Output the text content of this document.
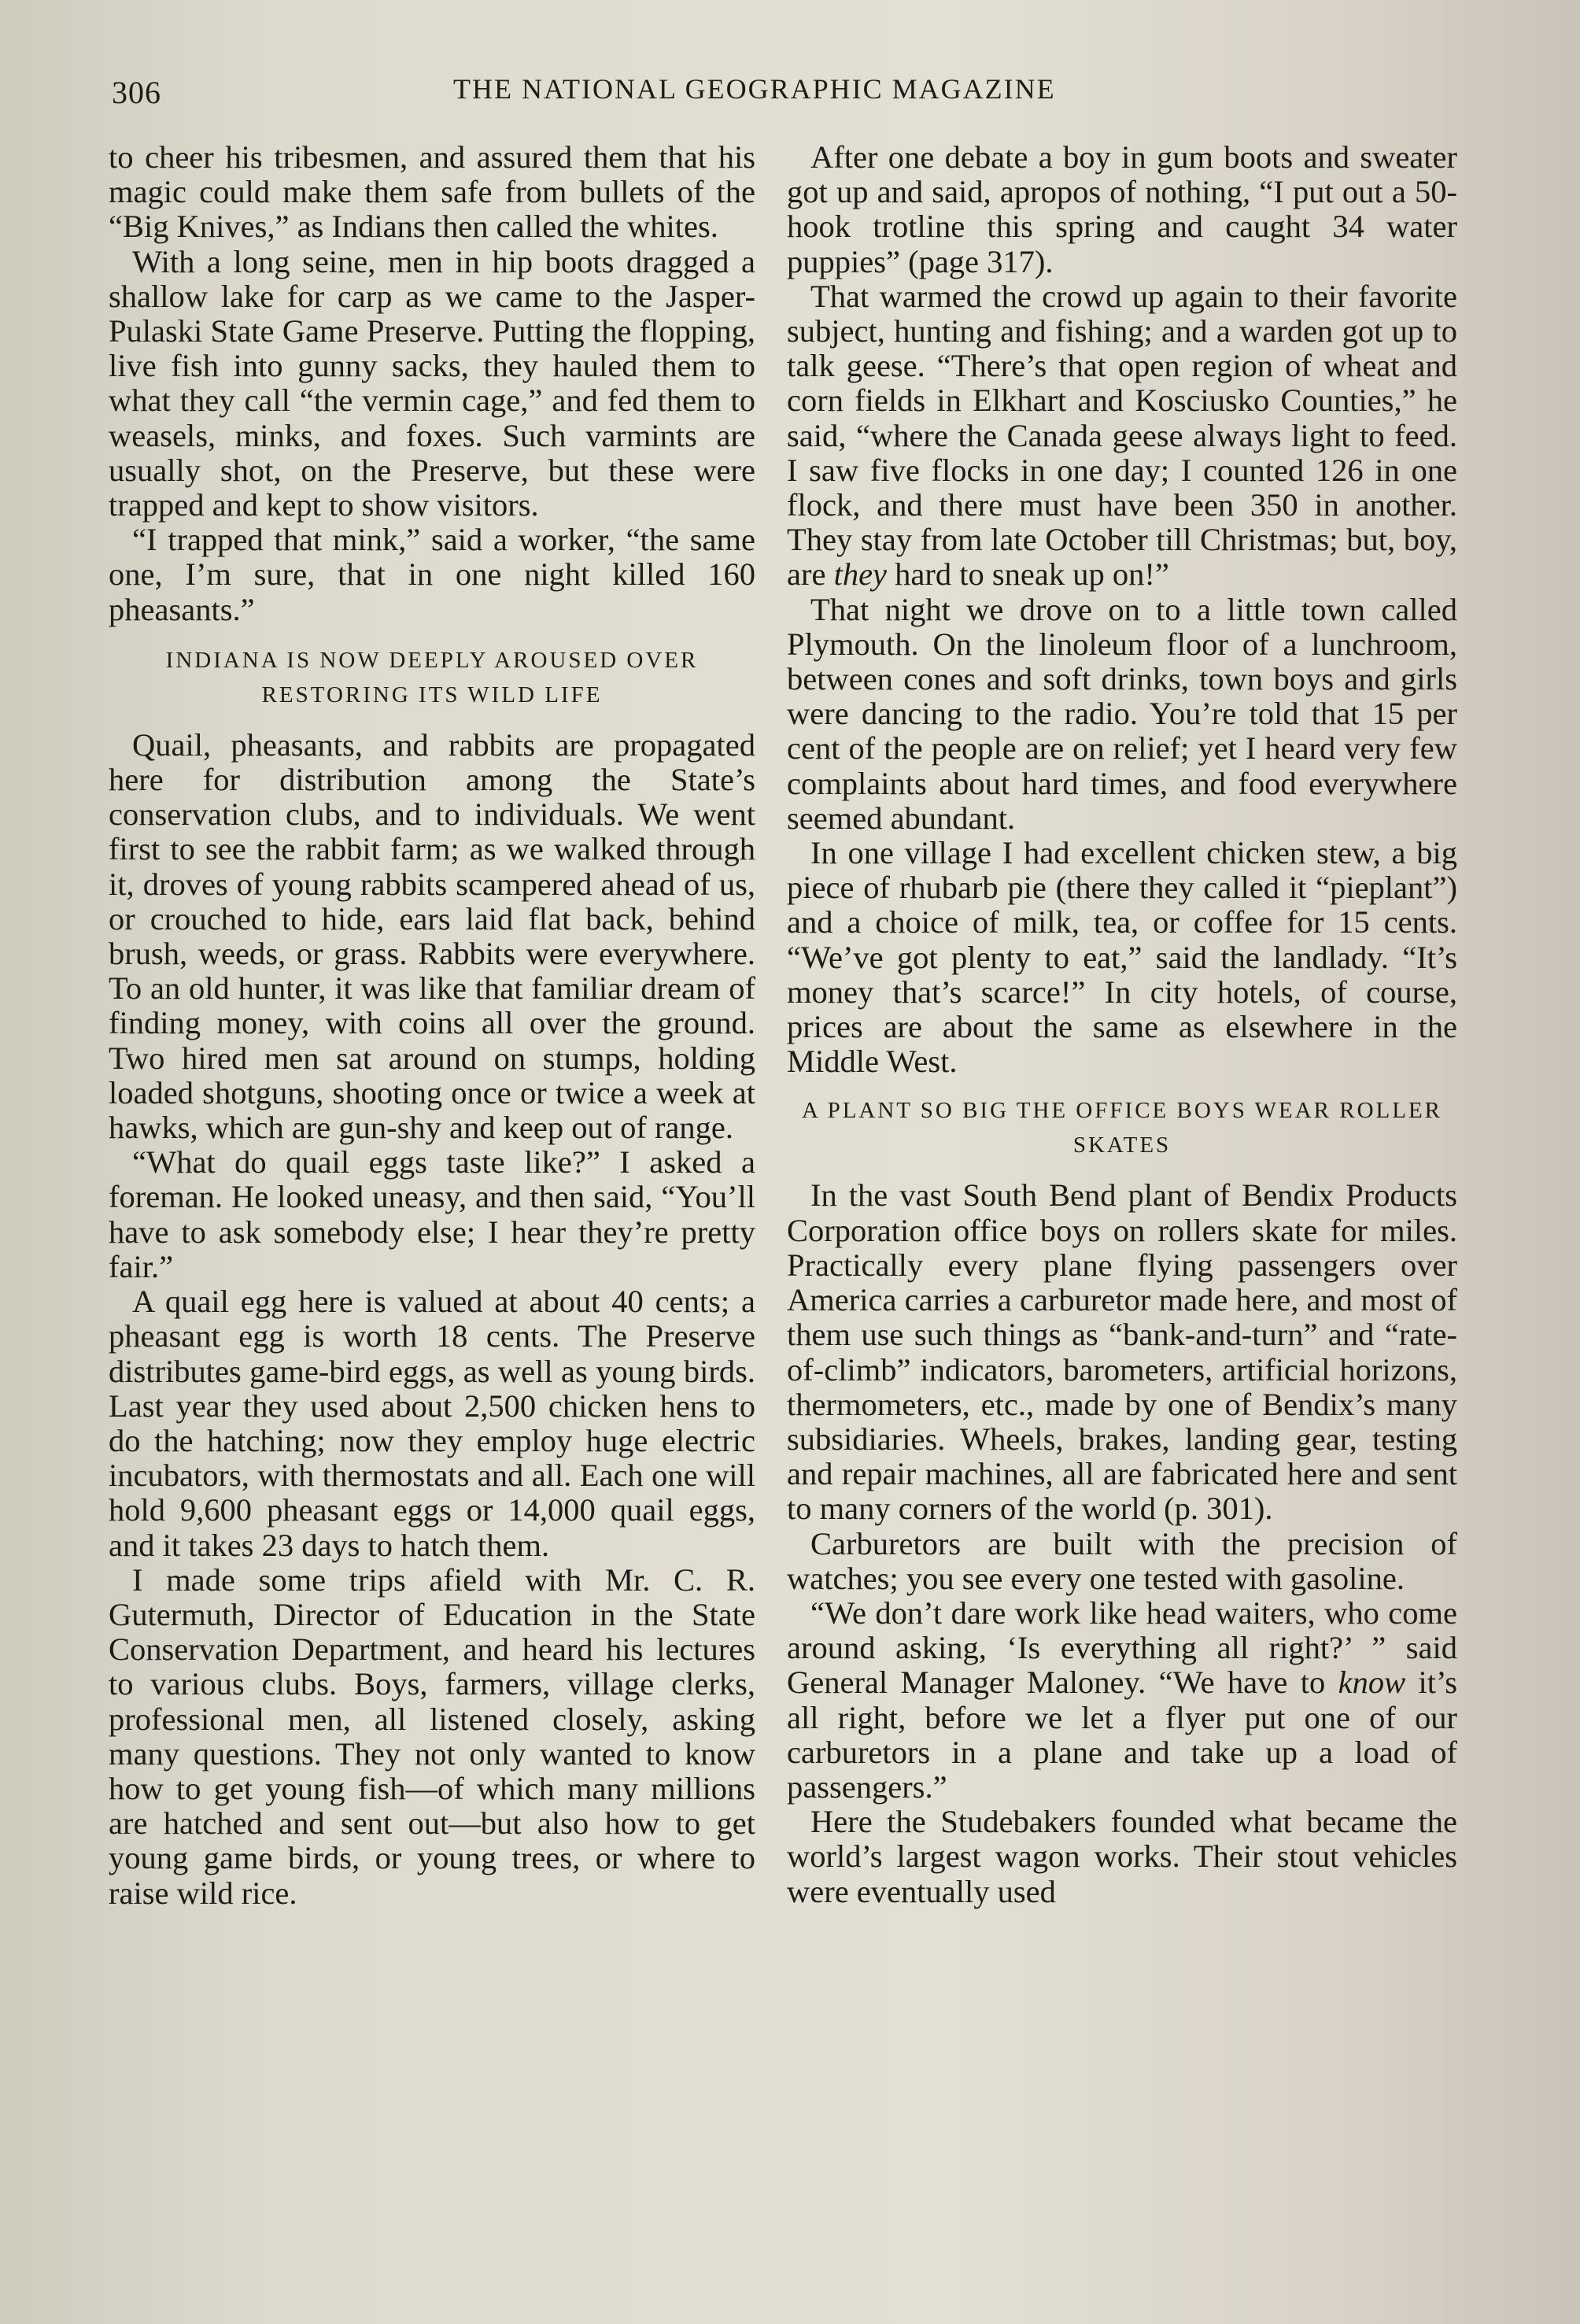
306	THE NATIONAL GEOGRAPHIC MAGAZINE

to cheer his tribesmen, and assured them that his magic could make them safe from bullets of the “Big Knives,” as Indians then called the whites.

With a long seine, men in hip boots dragged a shallow lake for carp as we came to the Jasper-Pulaski State Game Preserve. Putting the flopping, live fish into gunny sacks, they hauled them to what they call “the vermin cage,” and fed them to weasels, minks, and foxes. Such varmints are usually shot, on the Preserve, but these were trapped and kept to show visitors.

“I trapped that mink,” said a worker, “the same one, I’m sure, that in one night killed 160 pheasants.”

INDIANA IS NOW DEEPLY AROUSED OVER RESTORING ITS WILD LIFE

Quail, pheasants, and rabbits are propagated here for distribution among the State’s conservation clubs, and to individuals. We went first to see the rabbit farm; as we walked through it, droves of young rabbits scampered ahead of us, or crouched to hide, ears laid flat back, behind brush, weeds, or grass. Rabbits were everywhere. To an old hunter, it was like that familiar dream of finding money, with coins all over the ground. Two hired men sat around on stumps, holding loaded shotguns, shooting once or twice a week at hawks, which are gun-shy and keep out of range.

“What do quail eggs taste like?” I asked a foreman. He looked uneasy, and then said, “You’ll have to ask somebody else; I hear they’re pretty fair.”

A quail egg here is valued at about 40 cents; a pheasant egg is worth 18 cents. The Preserve distributes game-bird eggs, as well as young birds. Last year they used about 2,500 chicken hens to do the hatching; now they employ huge electric incubators, with thermostats and all. Each one will hold 9,600 pheasant eggs or 14,000 quail eggs, and it takes 23 days to hatch them.

I made some trips afield with Mr. C. R. Gutermuth, Director of Education in the State Conservation Department, and heard his lectures to various clubs. Boys, farmers, village clerks, professional men, all listened closely, asking many questions. They not only wanted to know how to get young fish—of which many millions are hatched and sent out—but also how to get young game birds, or young trees, or where to raise wild rice.

After one debate a boy in gum boots and sweater got up and said, apropos of nothing, “I put out a 50-hook trotline this spring and caught 34 water puppies” (page 317).

That warmed the crowd up again to their favorite subject, hunting and fishing; and a warden got up to talk geese. “There’s that open region of wheat and corn fields in Elkhart and Kosciusko Counties,” he said, “where the Canada geese always light to feed. I saw five flocks in one day; I counted 126 in one flock, and there must have been 350 in another. They stay from late October till Christmas; but, boy, are they hard to sneak up on!”

That night we drove on to a little town called Plymouth. On the linoleum floor of a lunchroom, between cones and soft drinks, town boys and girls were dancing to the radio. You’re told that 15 per cent of the people are on relief; yet I heard very few complaints about hard times, and food everywhere seemed abundant.

In one village I had excellent chicken stew, a big piece of rhubarb pie (there they called it “pieplant”) and a choice of milk, tea, or coffee for 15 cents. “We’ve got plenty to eat,” said the landlady. “It’s money that’s scarce!” In city hotels, of course, prices are about the same as elsewhere in the Middle West.

A PLANT SO BIG THE OFFICE BOYS WEAR ROLLER SKATES

In the vast South Bend plant of Bendix Products Corporation office boys on rollers skate for miles. Practically every plane flying passengers over America carries a carburetor made here, and most of them use such things as “bank-and-turn” and “rate-of-climb” indicators, barometers, artificial horizons, thermometers, etc., made by one of Bendix’s many subsidiaries. Wheels, brakes, landing gear, testing and repair machines, all are fabricated here and sent to many corners of the world (p. 301).

Carburetors are built with the precision of watches; you see every one tested with gasoline.

“We don’t dare work like head waiters, who come around asking, ‘Is everything all right?’ ” said General Manager Maloney. “We have to know it’s all right, before we let a flyer put one of our carburetors in a plane and take up a load of passengers.”

Here the Studebakers founded what became the world’s largest wagon works. Their stout vehicles were eventually used
